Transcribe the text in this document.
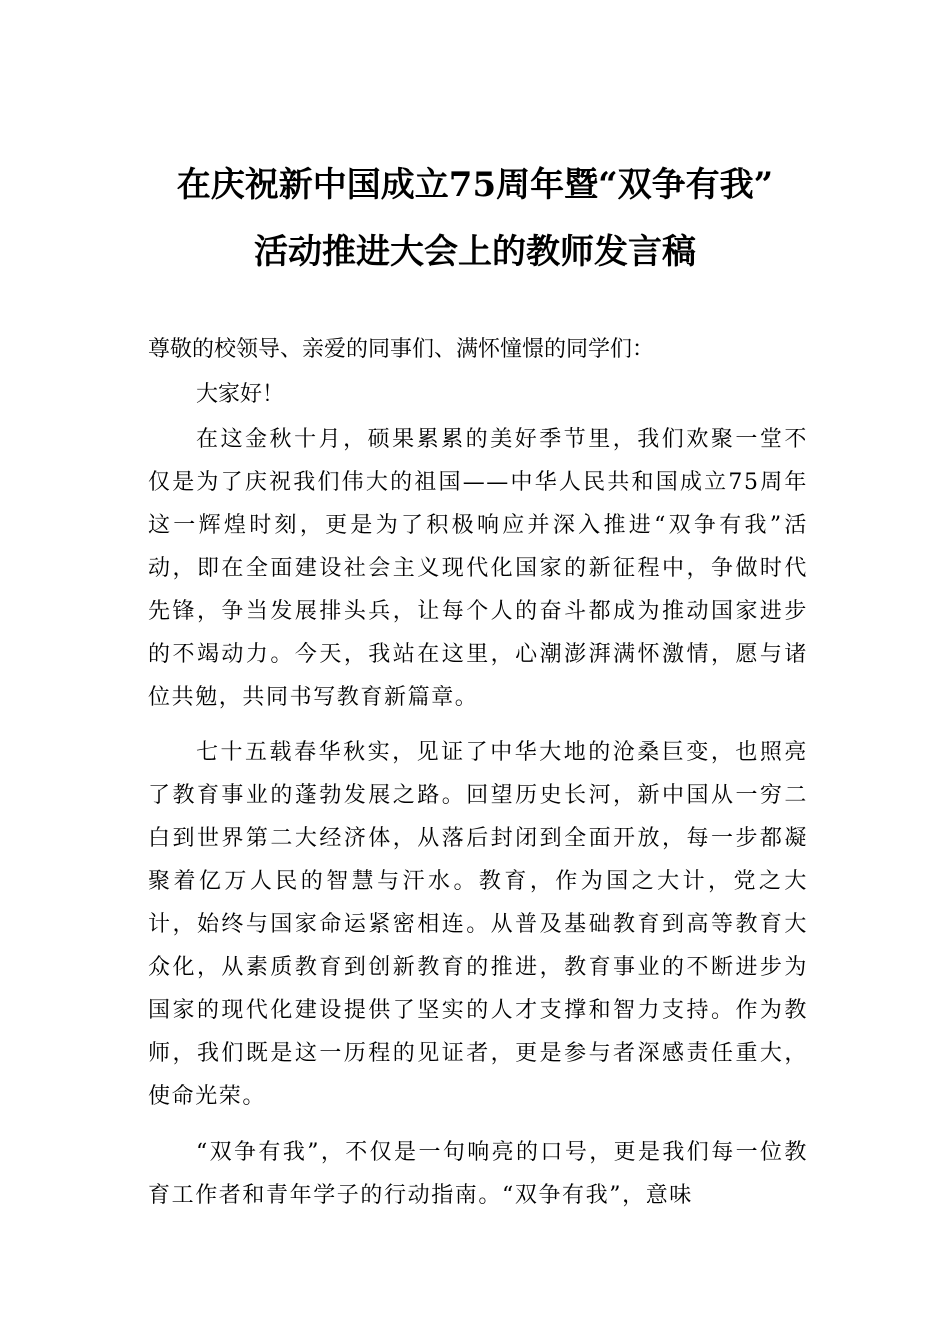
在庆祝新中国成立75周年暨“双争有我”
活动推进大会上的教师发言稿
尊敬的校领导、亲爱的同事们、满怀憧憬的同学们：
大家好！
在这金秋十月，硕果累累的美好季节里，我们欢聚一堂不仅是为了庆祝我们伟大的祖国——中华人民共和国成立75周年这一辉煌时刻，更是为了积极响应并深入推进“双争有我”活动，即在全面建设社会主义现代化国家的新征程中，争做时代先锋，争当发展排头兵，让每个人的奋斗都成为推动国家进步的不竭动力。今天，我站在这里，心潮澎湃满怀激情，愿与诸位共勉，共同书写教育新篇章。
七十五载春华秋实，见证了中华大地的沧桑巨变，也照亮了教育事业的蓬勃发展之路。回望历史长河，新中国从一穷二白到世界第二大经济体，从落后封闭到全面开放，每一步都凝聚着亿万人民的智慧与汗水。教育，作为国之大计，党之大计，始终与国家命运紧密相连。从普及基础教育到高等教育大众化，从素质教育到创新教育的推进，教育事业的不断进步为国家的现代化建设提供了坚实的人才支撑和智力支持。作为教师，我们既是这一历程的见证者，更是参与者深感责任重大，使命光荣。
“双争有我”，不仅是一句响亮的口号，更是我们每一位教育工作者和青年学子的行动指南。“双争有我”，意味
